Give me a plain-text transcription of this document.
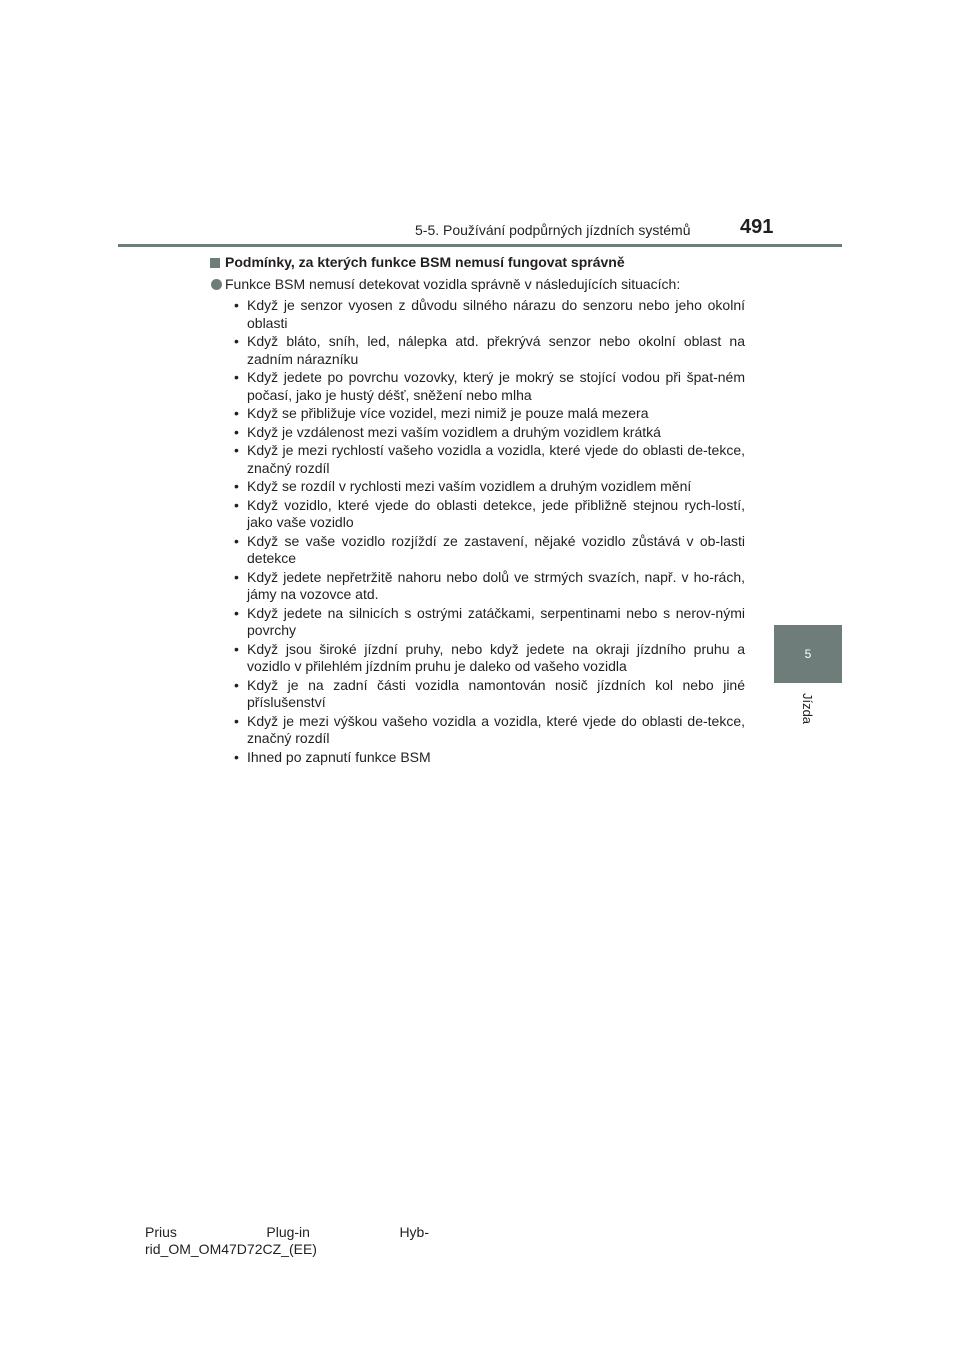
5-5. Používání podpůrných jízdních systémů 491
5
Jízda
Podmínky, za kterých funkce BSM nemusí fungovat správně
Funkce BSM nemusí detekovat vozidla správně v následujících situacích:
• Když je senzor vyosen z důvodu silného nárazu do senzoru nebo jeho okolní oblasti
• Když bláto, sníh, led, nálepka atd. překrývá senzor nebo okolní oblast na zadním nárazníku
• Když jedete po povrchu vozovky, který je mokrý se stojící vodou při špat-ném počasí, jako je hustý déšť, sněžení nebo mlha
• Když se přibližuje více vozidel, mezi nimiž je pouze malá mezera
• Když je vzdálenost mezi vaším vozidlem a druhým vozidlem krátká
• Když je mezi rychlostí vašeho vozidla a vozidla, které vjede do oblasti de-tekce, značný rozdíl
• Když se rozdíl v rychlosti mezi vaším vozidlem a druhým vozidlem mění
• Když vozidlo, které vjede do oblasti detekce, jede přibližně stejnou rych-lostí, jako vaše vozidlo
• Když se vaše vozidlo rozjíždí ze zastavení, nějaké vozidlo zůstává v ob-lasti detekce
• Když jedete nepřetržitě nahoru nebo dolů ve strmých svazích, např. v ho-rách, jámy na vozovce atd.
• Když jedete na silnicích s ostrými zatáčkami, serpentinami nebo s nerov-nými povrchy
• Když jsou široké jízdní pruhy, nebo když jedete na okraji jízdního pruhu a vozidlo v přilehlém jízdním pruhu je daleko od vašeho vozidla
• Když je na zadní části vozidla namontován nosič jízdních kol nebo jiné příslušenství
• Když je mezi výškou vašeho vozidla a vozidla, které vjede do oblasti de-tekce, značný rozdíl
• Ihned po zapnutí funkce BSM
Prius	Plug-in	Hyb-
rid_OM_OM47D72CZ_(EE)
